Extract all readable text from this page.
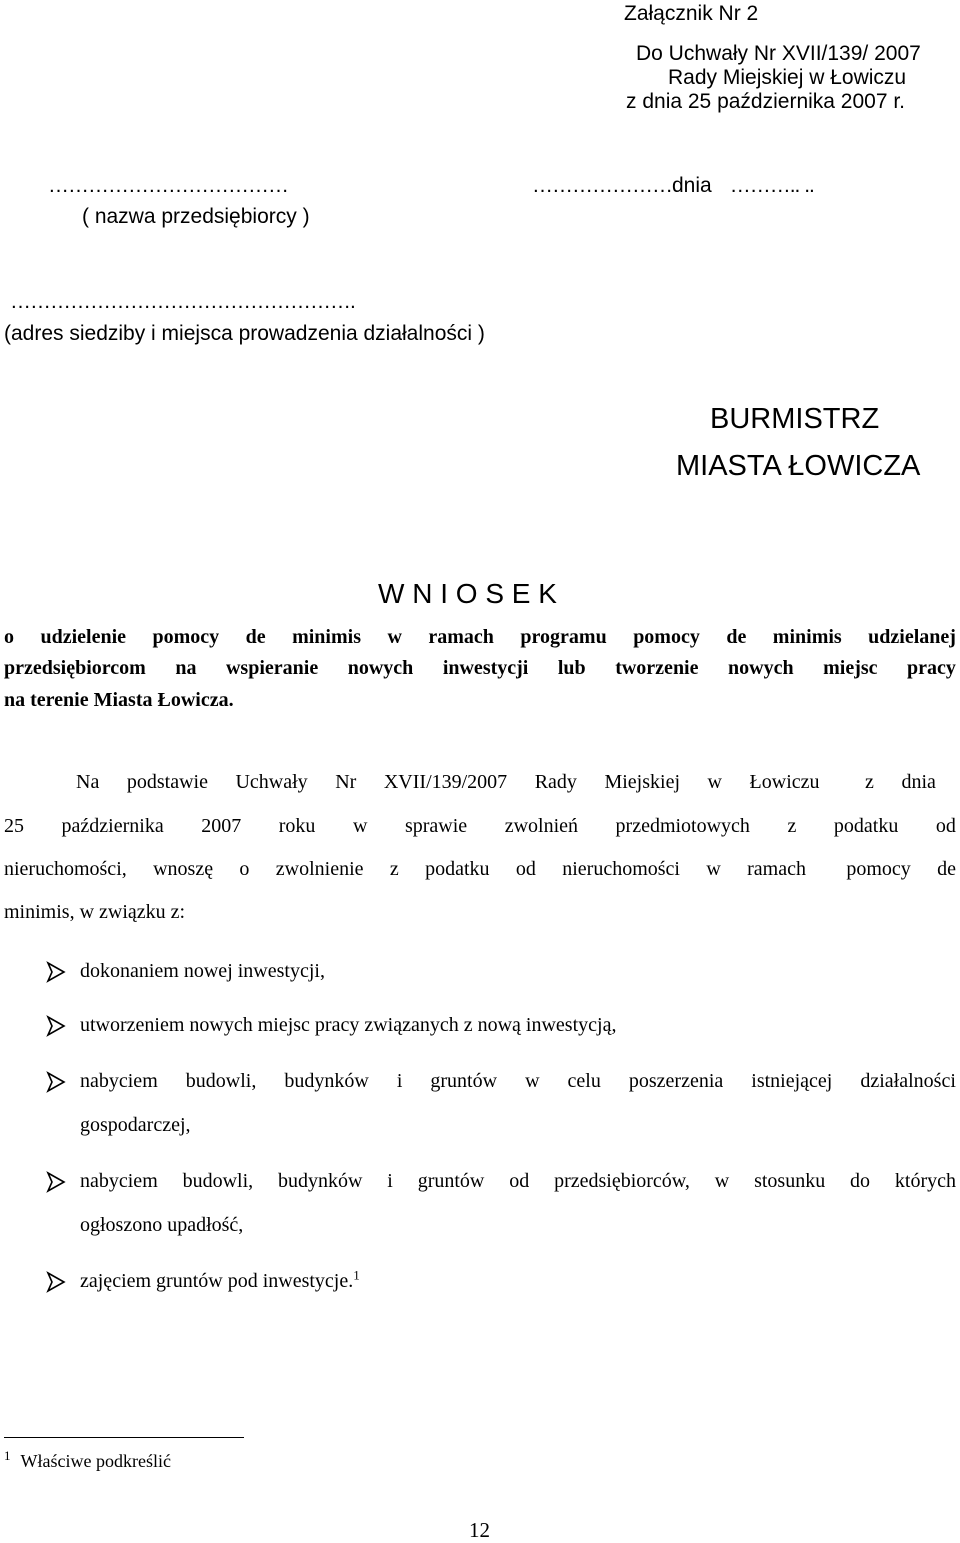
Załącznik Nr 2
Do Uchwały Nr XVII/139/ 2007
Rady Miejskiej w Łowiczu
z dnia 25 października 2007 r.
………………………………	…………………dnia ……….. ..
( nazwa przedsiębiorcy )
…………………………………………….
(adres siedziby i miejsca prowadzenia działalności )
BURMISTRZ
MIASTA ŁOWICZA
W N I O S E K
o udzielenie pomocy de minimis w ramach programu pomocy de minimis udzielanej
przedsiębiorcom na wspieranie nowych inwestycji lub tworzenie nowych miejsc pracy
na terenie Miasta Łowicza.
Na podstawie Uchwały Nr XVII/139/2007 Rady Miejskiej w Łowiczu z dnia
25 października 2007 roku w sprawie zwolnień przedmiotowych z podatku od
nieruchomości, wnoszę o zwolnienie z podatku od nieruchomości w ramach pomocy de
minimis, w związku z:
dokonaniem nowej inwestycji,
utworzeniem nowych miejsc pracy związanych z nową inwestycją,
nabyciem budowli, budynków i gruntów w celu poszerzenia istniejącej działalności
gospodarczej,
nabyciem budowli, budynków i gruntów od przedsiębiorców, w stosunku do których
ogłoszono upadłość,
zajęciem gruntów pod inwestycje.$^1$
$^1$ Właściwe podkreślić
12
